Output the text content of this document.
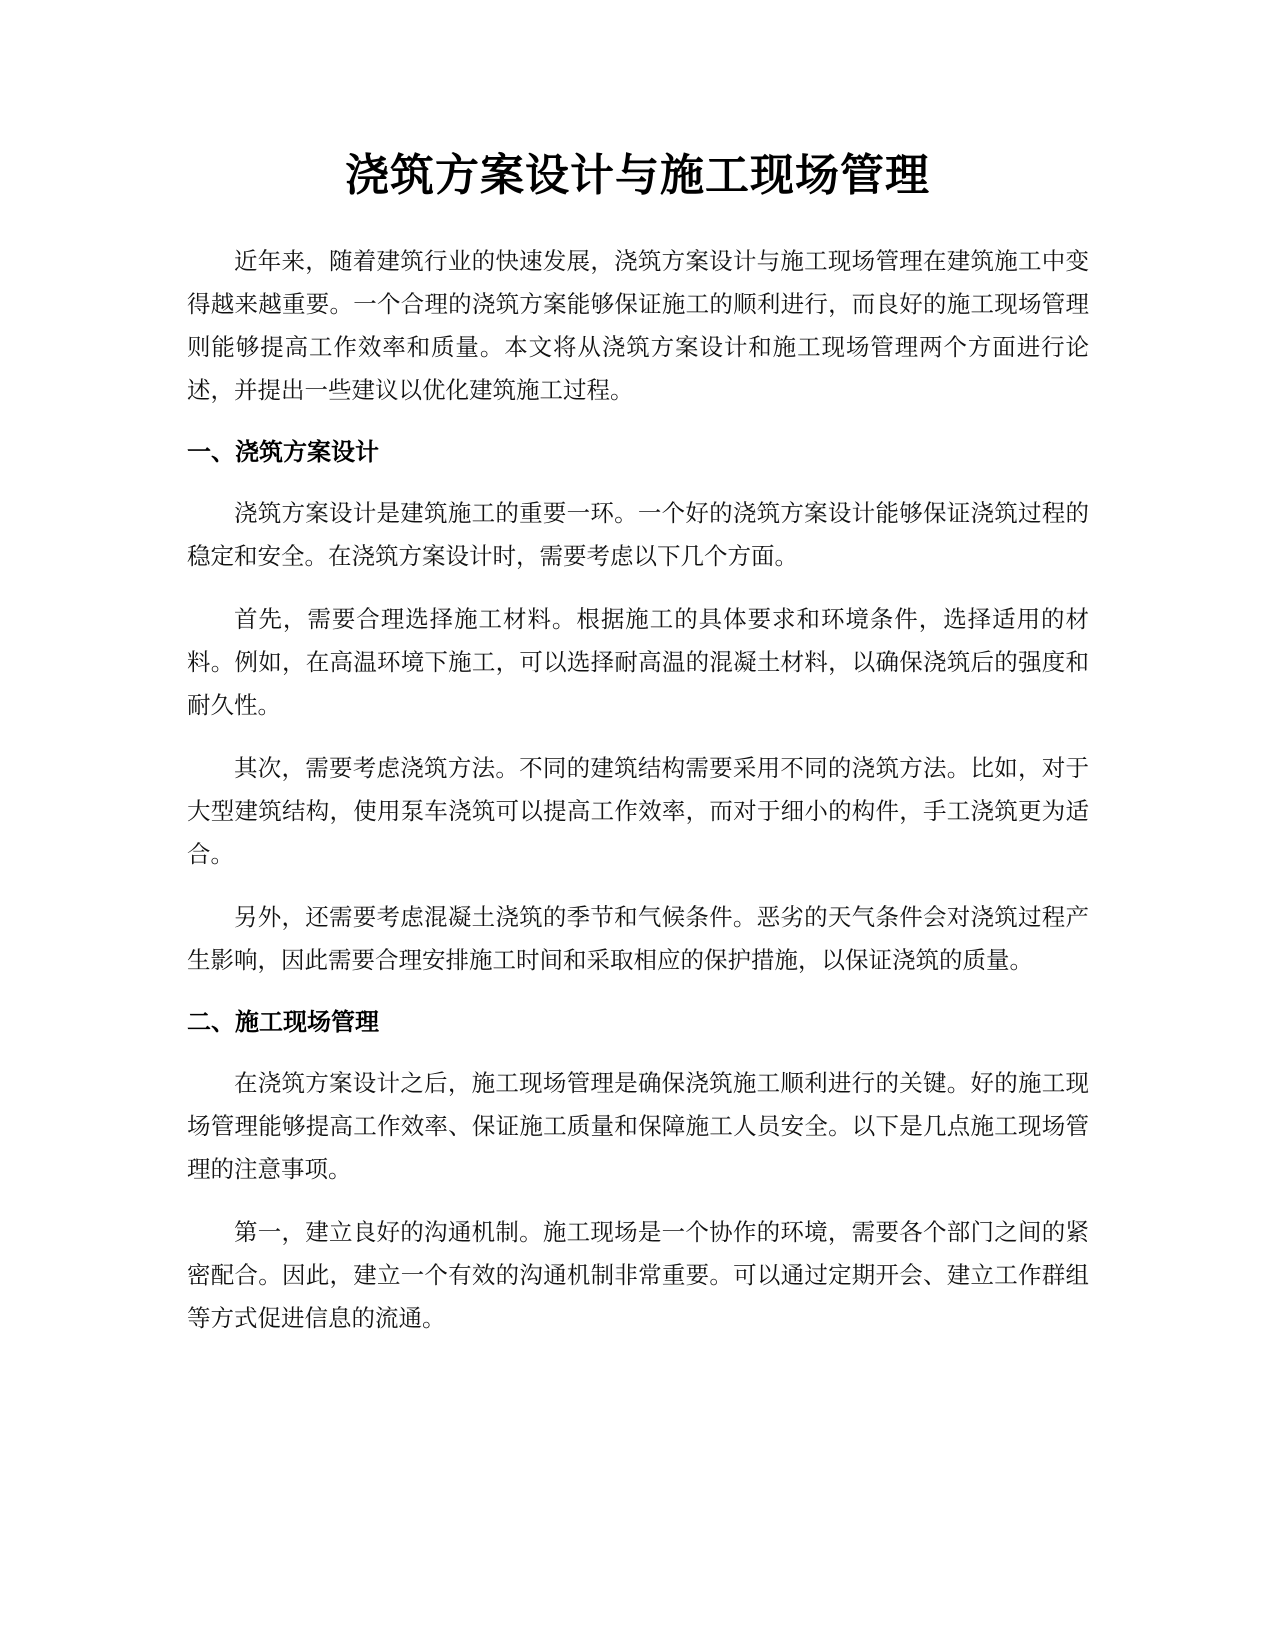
浇筑方案设计与施工现场管理

近年来，随着建筑行业的快速发展，浇筑方案设计与施工现场管理在建筑施工中变得越来越重要。一个合理的浇筑方案能够保证施工的顺利进行，而良好的施工现场管理则能够提高工作效率和质量。本文将从浇筑方案设计和施工现场管理两个方面进行论述，并提出一些建议以优化建筑施工过程。

一、浇筑方案设计

浇筑方案设计是建筑施工的重要一环。一个好的浇筑方案设计能够保证浇筑过程的稳定和安全。在浇筑方案设计时，需要考虑以下几个方面。

首先，需要合理选择施工材料。根据施工的具体要求和环境条件，选择适用的材料。例如，在高温环境下施工，可以选择耐高温的混凝土材料，以确保浇筑后的强度和耐久性。

其次，需要考虑浇筑方法。不同的建筑结构需要采用不同的浇筑方法。比如，对于大型建筑结构，使用泵车浇筑可以提高工作效率，而对于细小的构件，手工浇筑更为适合。

另外，还需要考虑混凝土浇筑的季节和气候条件。恶劣的天气条件会对浇筑过程产生影响，因此需要合理安排施工时间和采取相应的保护措施，以保证浇筑的质量。

二、施工现场管理

在浇筑方案设计之后，施工现场管理是确保浇筑施工顺利进行的关键。好的施工现场管理能够提高工作效率、保证施工质量和保障施工人员安全。以下是几点施工现场管理的注意事项。

第一，建立良好的沟通机制。施工现场是一个协作的环境，需要各个部门之间的紧密配合。因此，建立一个有效的沟通机制非常重要。可以通过定期开会、建立工作群组等方式促进信息的流通。
